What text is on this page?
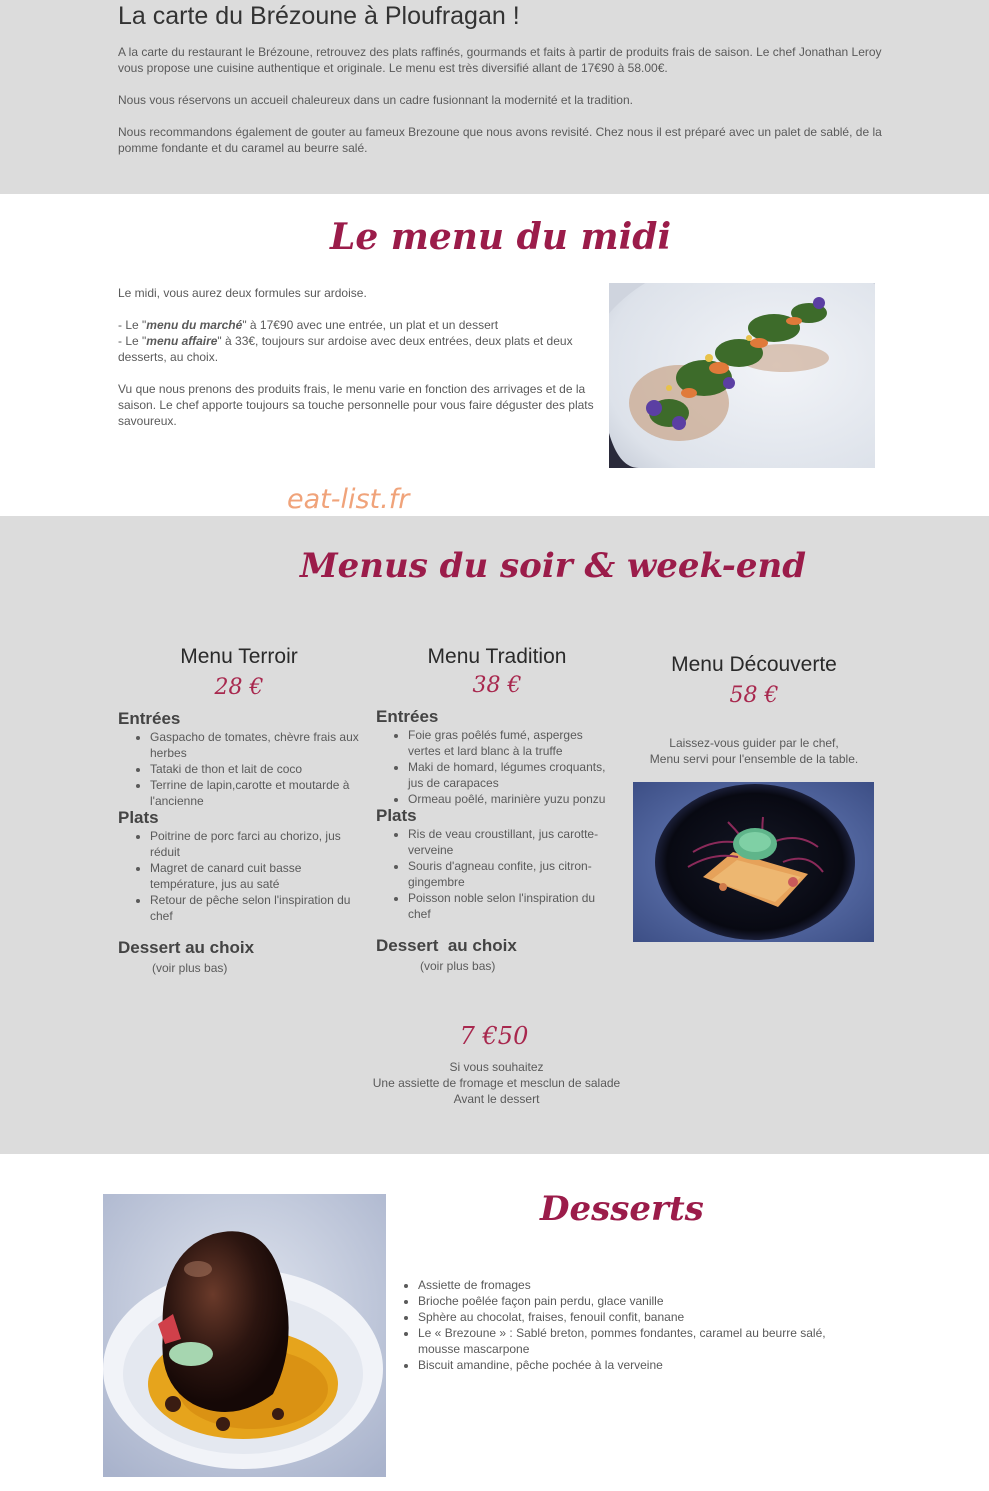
La carte du Brézoune à Ploufragan !

A la carte du restaurant le Brézoune, retrouvez des plats raffinés, gourmands et faits à partir de produits frais de saison. Le chef Jonathan Leroy
vous propose une cuisine authentique et originale. Le menu est très diversifié allant de 17€90 à 58.00€.

Nous vous réservons un accueil chaleureux dans un cadre fusionnant la modernité et la tradition.

Nous recommandons également de gouter au fameux Brezoune que nous avons revisité. Chez nous il est préparé avec un palet de sablé, de la
pomme fondante et du caramel au beurre salé.

Le menu du midi
Le midi, vous aurez deux formules sur ardoise.
- Le "menu du marché" à 17€90 avec une entrée, un plat et un dessert
- Le "menu affaire" à 33€, toujours sur ardoise avec deux entrées, deux plats et deux
desserts, au choix.
Vu que nous prenons des produits frais, le menu varie en fonction des arrivages et de la
saison. Le chef apporte toujours sa touche personnelle pour vous faire déguster des plats
savoureux.
eat-list.fr
Menus du soir & week-end
Menu Terroir
28 €
Entrées
• Gaspacho de tomates, chèvre frais aux herbes
• Tataki de thon et lait de coco
• Terrine de lapin,carotte et moutarde à l'ancienne
Plats
• Poitrine de porc farci au chorizo, jus réduit
• Magret de canard cuit basse température, jus au saté
• Retour de pêche selon l'inspiration du chef
Dessert au choix
(voir plus bas)
Menu Tradition
38 €
Entrées
• Foie gras poêlés fumé, asperges vertes et lard blanc à la truffe
• Maki de homard, légumes croquants, jus de carapaces
• Ormeau poêlé, marinière yuzu ponzu
Plats
• Ris de veau croustillant, jus carotte-verveine
• Souris d'agneau confite, jus citron-gingembre
• Poisson noble selon l'inspiration du chef
Dessert  au choix
(voir plus bas)
Menu Découverte
58 €
Laissez-vous guider par le chef,
Menu servi pour l'ensemble de la table.
7 €50
Si vous souhaitez
Une assiette de fromage et mesclun de salade
Avant le dessert
Desserts
• Assiette de fromages
• Brioche poêlée façon pain perdu, glace vanille
• Sphère au chocolat, fraises, fenouil confit, banane
• Le « Brezoune » : Sablé breton, pommes fondantes, caramel au beurre salé, mousse mascarpone
• Biscuit amandine, pêche pochée à la verveine
